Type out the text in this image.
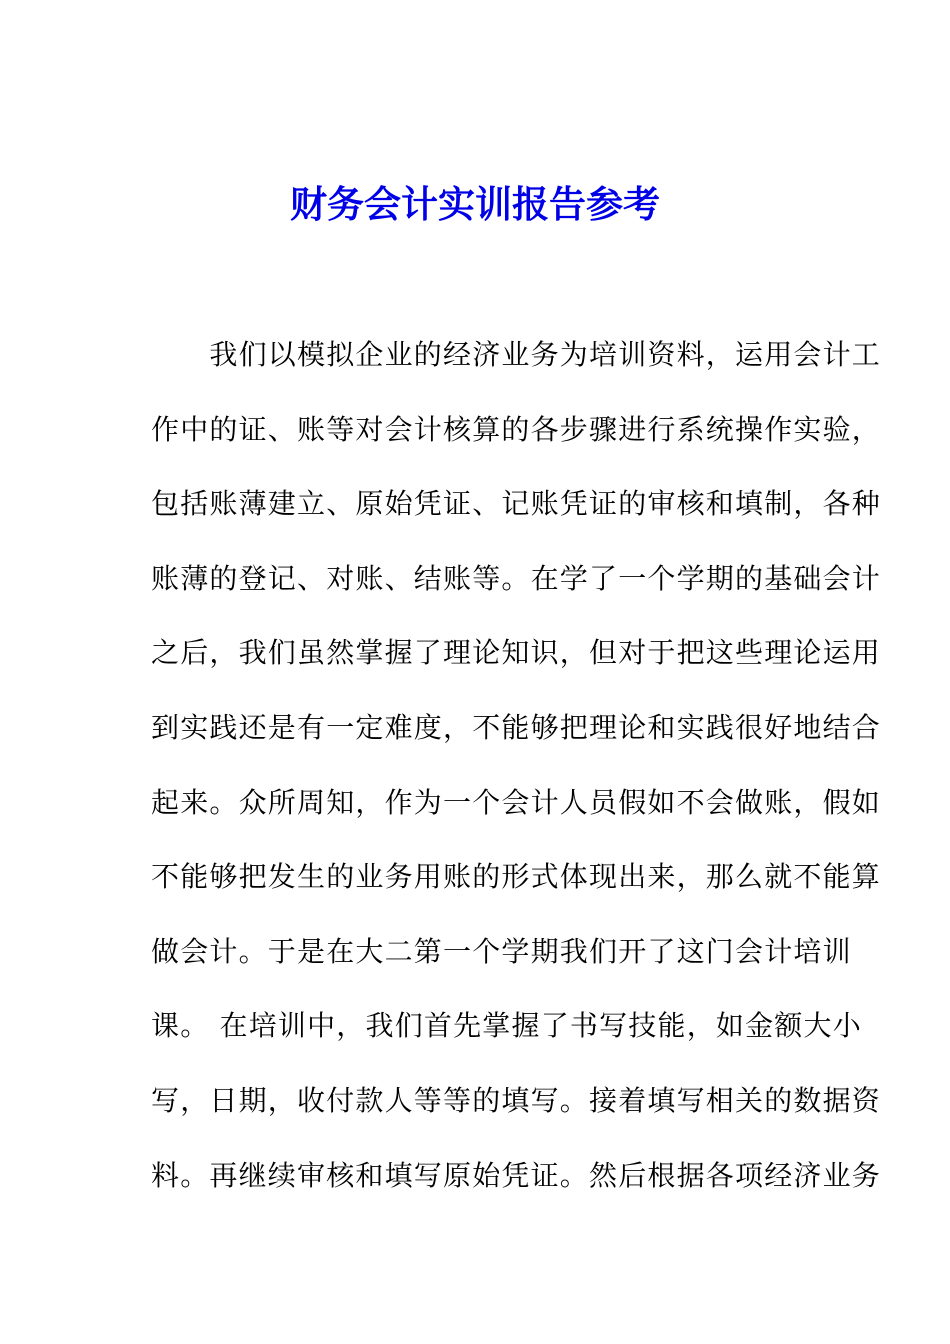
财务会计实训报告参考
　　我们以模拟企业的经济业务为培训资料，运用会计工
作中的证、账等对会计核算的各步骤进行系统操作实验，
包括账薄建立、原始凭证、记账凭证的审核和填制，各种
账薄的登记、对账、结账等。在学了一个学期的基础会计
之后，我们虽然掌握了理论知识，但对于把这些理论运用
到实践还是有一定难度，不能够把理论和实践很好地结合
起来。众所周知，作为一个会计人员假如不会做账，假如
不能够把发生的业务用账的形式体现出来，那么就不能算
做会计。于是在大二第一个学期我们开了这门会计培训
课。 在培训中，我们首先掌握了书写技能，如金额大小
写，日期，收付款人等等的填写。接着填写相关的数据资
料。再继续审核和填写原始凭证。然后根据各项经济业务
